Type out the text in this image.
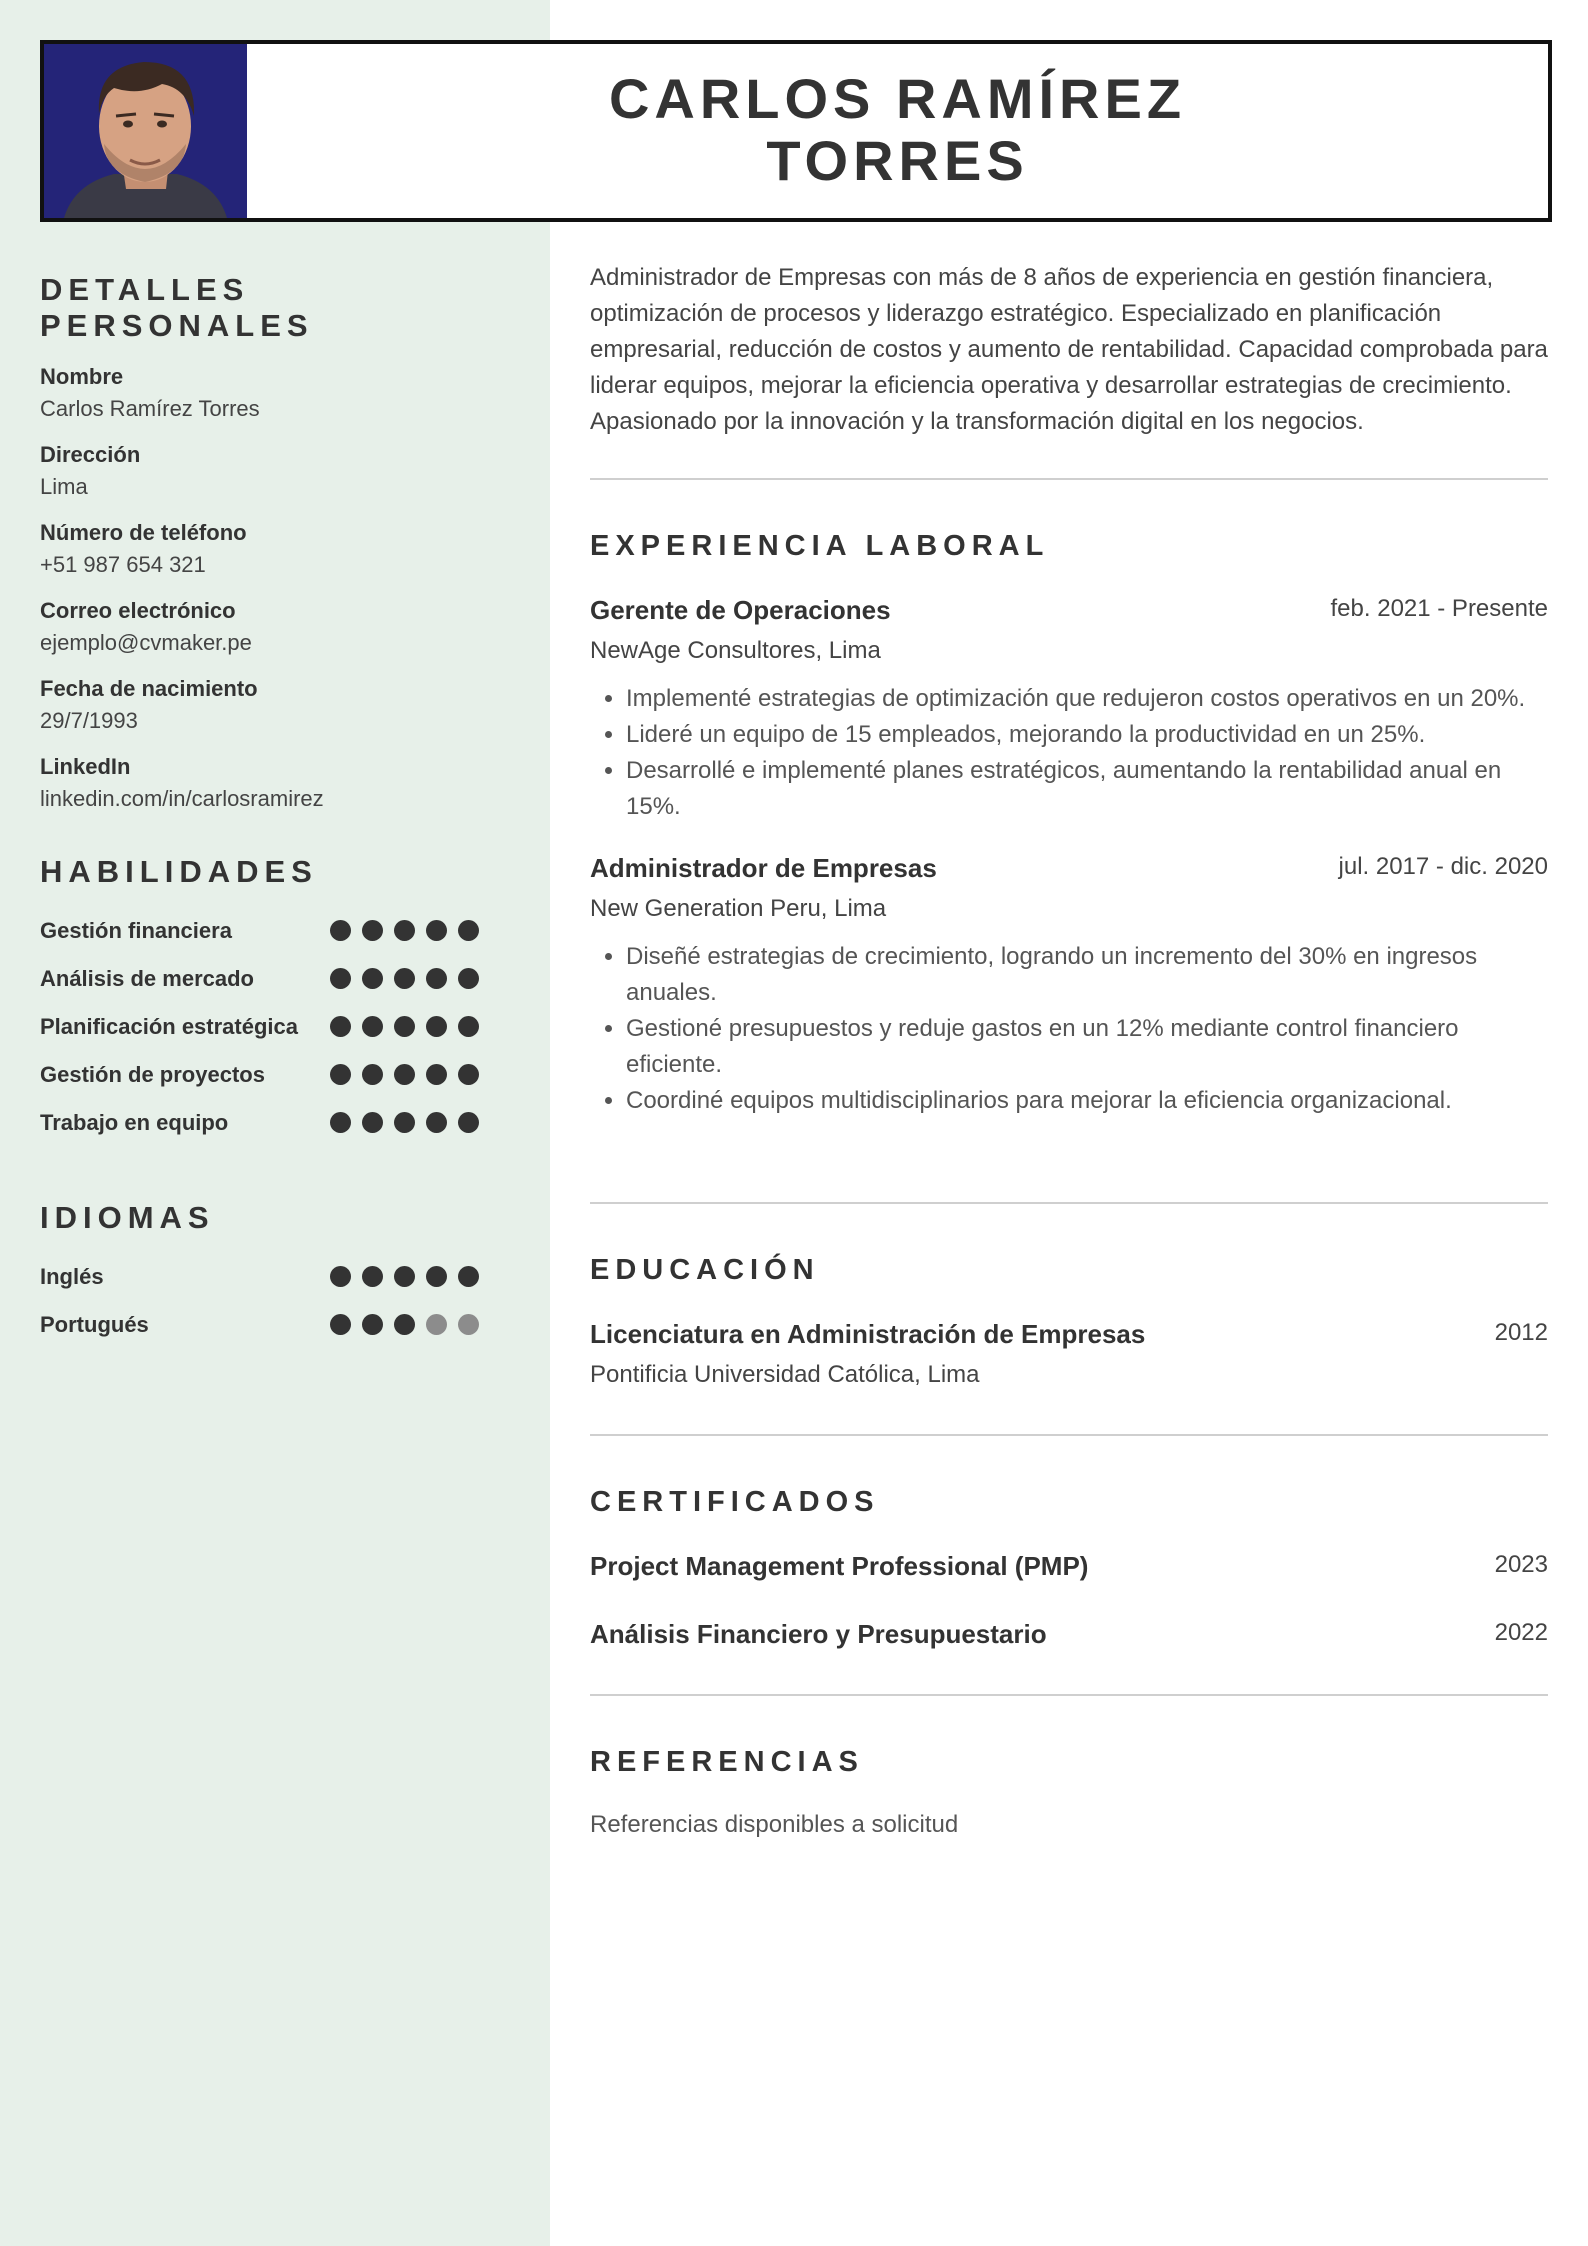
CARLOS RAMÍREZ
TORRES
DETALLES PERSONALES
Nombre
Carlos Ramírez Torres
Dirección
Lima
Número de teléfono
+51 987 654 321
Correo electrónico
ejemplo@cvmaker.pe
Fecha de nacimiento
29/7/1993
LinkedIn
linkedin.com/in/carlosramirez
HABILIDADES
Gestión financiera
Análisis de mercado
Planificación estratégica
Gestión de proyectos
Trabajo en equipo
IDIOMAS
Inglés
Portugués

Administrador de Empresas con más de 8 años de experiencia en gestión financiera, optimización de procesos y liderazgo estratégico. Especializado en planificación empresarial, reducción de costos y aumento de rentabilidad. Capacidad comprobada para liderar equipos, mejorar la eficiencia operativa y desarrollar estrategias de crecimiento. Apasionado por la innovación y la transformación digital en los negocios.

EXPERIENCIA LABORAL
Gerente de Operaciones	feb. 2021 - Presente
NewAge Consultores, Lima
• Implementé estrategias de optimización que redujeron costos operativos en un 20%.
• Lideré un equipo de 15 empleados, mejorando la productividad en un 25%.
• Desarrollé e implementé planes estratégicos, aumentando la rentabilidad anual en 15%.
Administrador de Empresas	jul. 2017 - dic. 2020
New Generation Peru, Lima
• Diseñé estrategias de crecimiento, logrando un incremento del 30% en ingresos anuales.
• Gestioné presupuestos y reduje gastos en un 12% mediante control financiero eficiente.
• Coordiné equipos multidisciplinarios para mejorar la eficiencia organizacional.
EDUCACIÓN
Licenciatura en Administración de Empresas	2012
Pontificia Universidad Católica, Lima
CERTIFICADOS
Project Management Professional (PMP)	2023
Análisis Financiero y Presupuestario	2022
REFERENCIAS
Referencias disponibles a solicitud
